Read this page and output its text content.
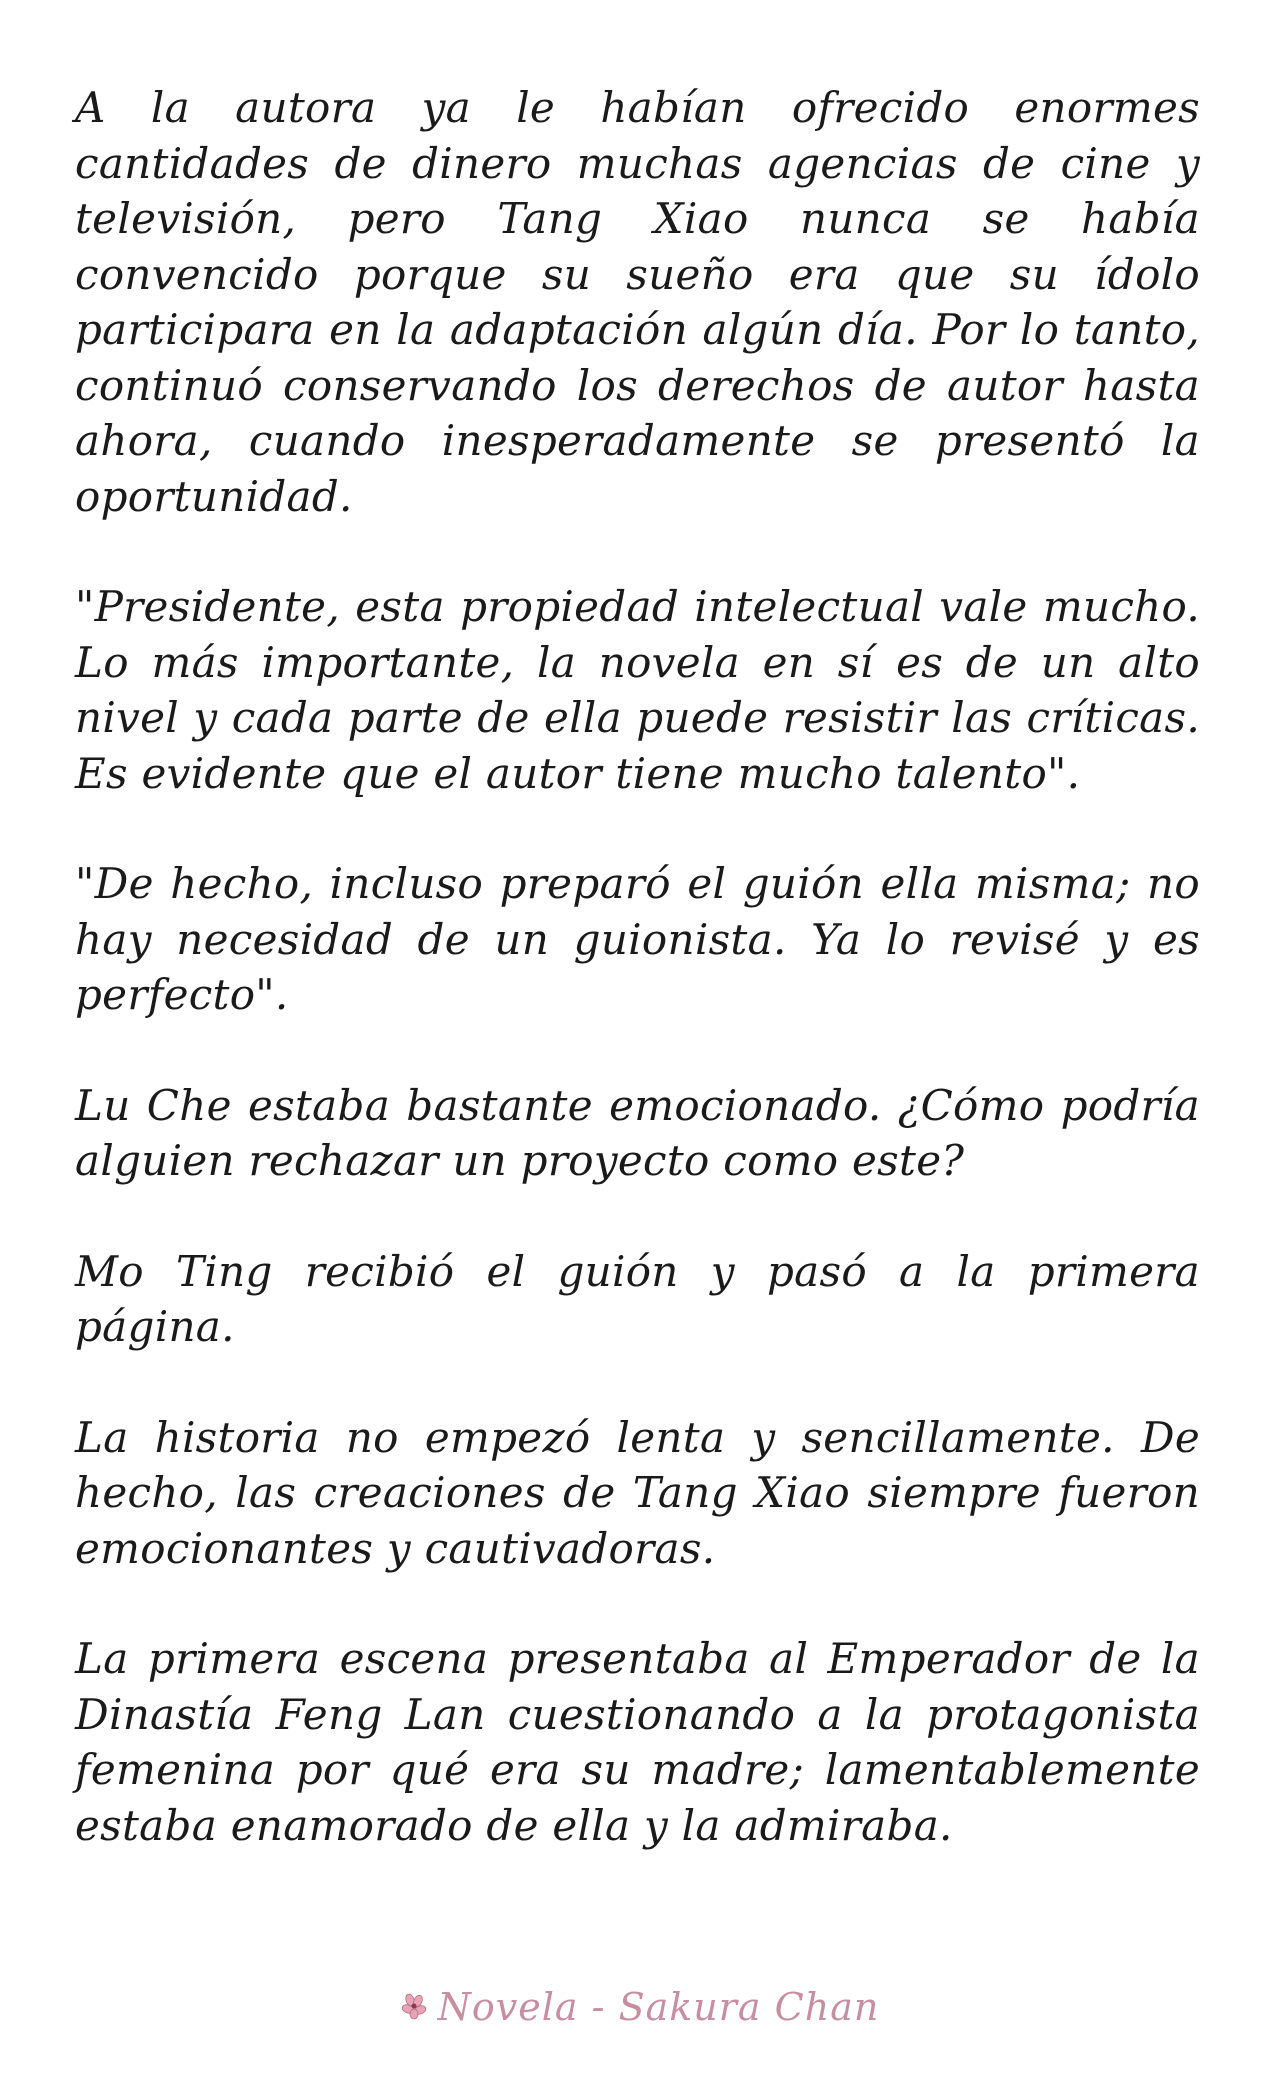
A la autora ya le habían ofrecido enormes cantidades de dinero muchas agencias de cine y televisión, pero Tang Xiao nunca se había convencido porque su sueño era que su ídolo participara en la adaptación algún día. Por lo tanto, continuó conservando los derechos de autor hasta ahora, cuando inesperadamente se presentó la oportunidad.

"Presidente, esta propiedad intelectual vale mucho. Lo más importante, la novela en sí es de un alto nivel y cada parte de ella puede resistir las críticas. Es evidente que el autor tiene mucho talento".

"De hecho, incluso preparó el guión ella misma; no hay necesidad de un guionista. Ya lo revisé y es perfecto".

Lu Che estaba bastante emocionado. ¿Cómo podría alguien rechazar un proyecto como este?

Mo Ting recibió el guión y pasó a la primera página.

La historia no empezó lenta y sencillamente. De hecho, las creaciones de Tang Xiao siempre fueron emocionantes y cautivadoras.

La primera escena presentaba al Emperador de la Dinastía Feng Lan cuestionando a la protagonista femenina por qué era su madre; lamentablemente estaba enamorado de ella y la admiraba.

Novela - Sakura Chan
